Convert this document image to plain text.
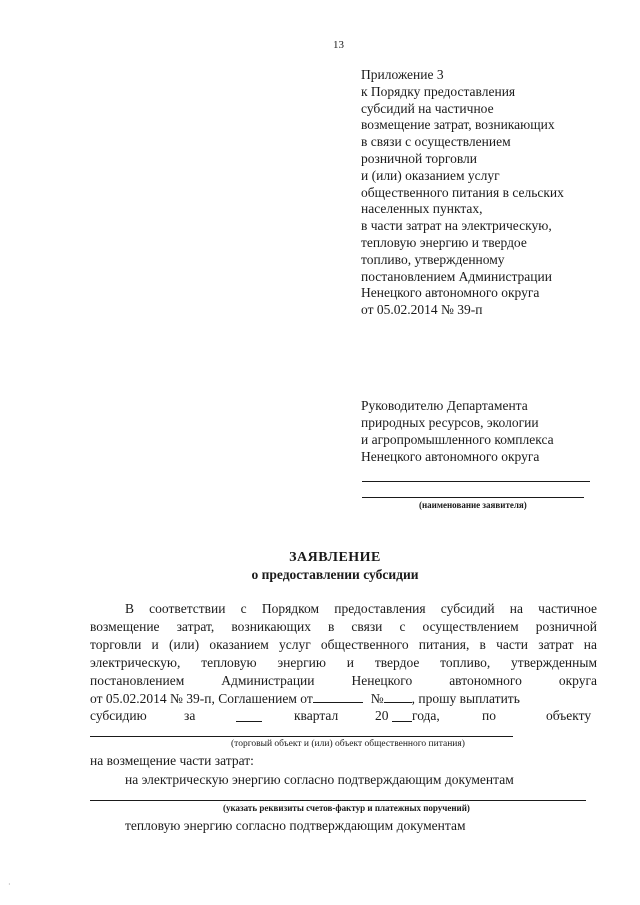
13
Приложение 3
к Порядку предоставления
субсидий на частичное
возмещение затрат, возникающих
в связи с осуществлением
розничной торговли
и (или) оказанием услуг
общественного питания в сельских
населенных пунктах,
в части затрат на электрическую,
тепловую энергию и твердое
топливо, утвержденному
постановлением Администрации
Ненецкого автономного округа
от 05.02.2014 № 39-п
Руководителю Департамента
природных ресурсов, экологии
и агропромышленного комплекса
Ненецкого автономного округа
(наименование заявителя)
ЗАЯВЛЕНИЕ
о предоставлении субсидии
В соответствии с Порядком предоставления субсидий на частичное
возмещение затрат, возникающих в связи с осуществлением розничной
торговли и (или) оказанием услуг общественного питания, в части затрат на
электрическую, тепловую энергию и твердое топливо, утвержденным
постановлением Администрации Ненецкого автономного округа
от 05.02.2014 № 39-п, Соглашением от	№ , прошу выплатить
субсидию	за	квартал	20 года,	по	объекту
(торговый объект и (или) объект общественного питания)
на возмещение части затрат:
на электрическую энергию согласно подтверждающим документам
(указать реквизиты счетов-фактур и платежных поручений)
тепловую энергию согласно подтверждающим документам
·
